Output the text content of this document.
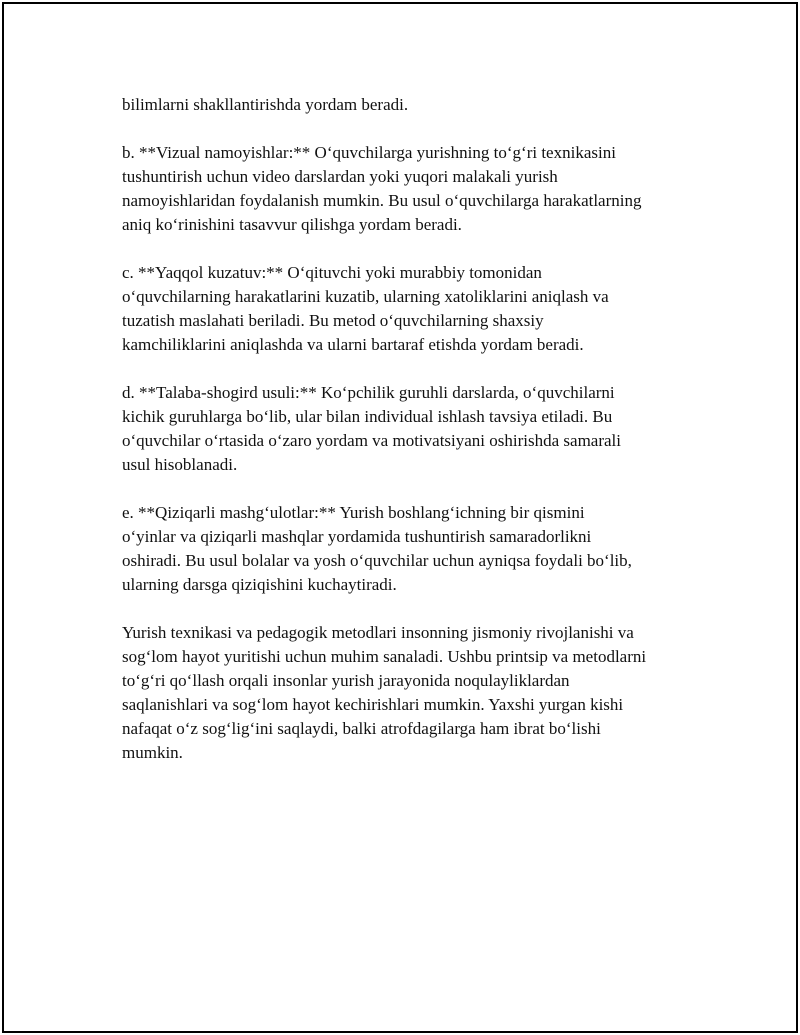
bilimlarni shakllantirishda yordam beradi.

b. **Vizual namoyishlar:** Oʻquvchilarga yurishning toʻgʻri texnikasini
tushuntirish uchun video darslardan yoki yuqori malakali yurish
namoyishlaridan foydalanish mumkin. Bu usul oʻquvchilarga harakatlarning
aniq koʻrinishini tasavvur qilishga yordam beradi.

c. **Yaqqol kuzatuv:** Oʻqituvchi yoki murabbiy tomonidan
oʻquvchilarning harakatlarini kuzatib, ularning xatoliklarini aniqlash va
tuzatish maslahati beriladi. Bu metod oʻquvchilarning shaxsiy
kamchiliklarini aniqlashda va ularni bartaraf etishda yordam beradi.

d. **Talaba-shogird usuli:** Koʻpchilik guruhli darslarda, oʻquvchilarni
kichik guruhlarga boʻlib, ular bilan individual ishlash tavsiya etiladi. Bu
oʻquvchilar oʻrtasida oʻzaro yordam va motivatsiyani oshirishda samarali
usul hisoblanadi.

e. **Qiziqarli mashgʻulotlar:** Yurish boshlangʻichning bir qismini
oʻyinlar va qiziqarli mashqlar yordamida tushuntirish samaradorlikni
oshiradi. Bu usul bolalar va yosh oʻquvchilar uchun ayniqsa foydali boʻlib,
ularning darsga qiziqishini kuchaytiradi.

Yurish texnikasi va pedagogik metodlari insonning jismoniy rivojlanishi va
sogʻlom hayot yuritishi uchun muhim sanaladi. Ushbu printsip va metodlarni
toʻgʻri qoʻllash orqali insonlar yurish jarayonida noqulayliklardan
saqlanishlari va sogʻlom hayot kechirishlari mumkin. Yaxshi yurgan kishi
nafaqat oʻz sogʻligʻini saqlaydi, balki atrofdagilarga ham ibrat boʻlishi
mumkin.
